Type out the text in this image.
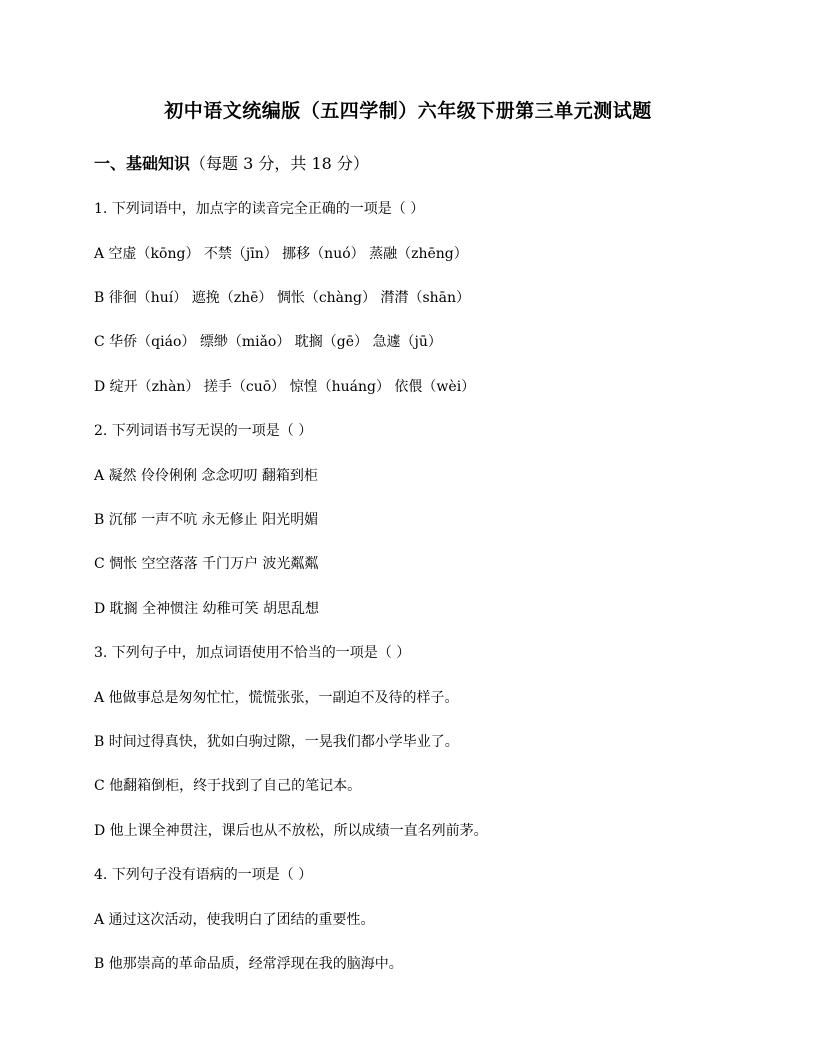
初中语文统编版（五四学制）六年级下册第三单元测试题
一、基础知识（每题 3 分，共 18 分）
1. 下列词语中，加点字的读音完全正确的一项是（ ）
A 空虚（kōng） 不禁（jīn） 挪移（nuó） 蒸融（zhēng）
B 徘徊（huí） 遮挽（zhē） 惆怅（chàng） 潸潸（shān）
C 华侨（qiáo） 缥缈（miǎo） 耽搁（gē） 急遽（jū）
D 绽开（zhàn） 搓手（cuō） 惊惶（huáng） 依偎（wèi）
2. 下列词语书写无误的一项是（ ）
A 凝然 伶伶俐俐 念念叨叨 翻箱到柜
B 沉郁 一声不吭 永无修止 阳光明媚
C 惆怅 空空落落 千门万户 波光粼粼
D 耽搁 全神惯注 幼稚可笑 胡思乱想
3. 下列句子中，加点词语使用不恰当的一项是（ ）
A 他做事总是匆匆忙忙，慌慌张张，一副迫不及待的样子。
B 时间过得真快，犹如白驹过隙，一晃我们都小学毕业了。
C 他翻箱倒柜，终于找到了自己的笔记本。
D 他上课全神贯注，课后也从不放松，所以成绩一直名列前茅。
4. 下列句子没有语病的一项是（ ）
A 通过这次活动，使我明白了团结的重要性。
B 他那崇高的革命品质，经常浮现在我的脑海中。
